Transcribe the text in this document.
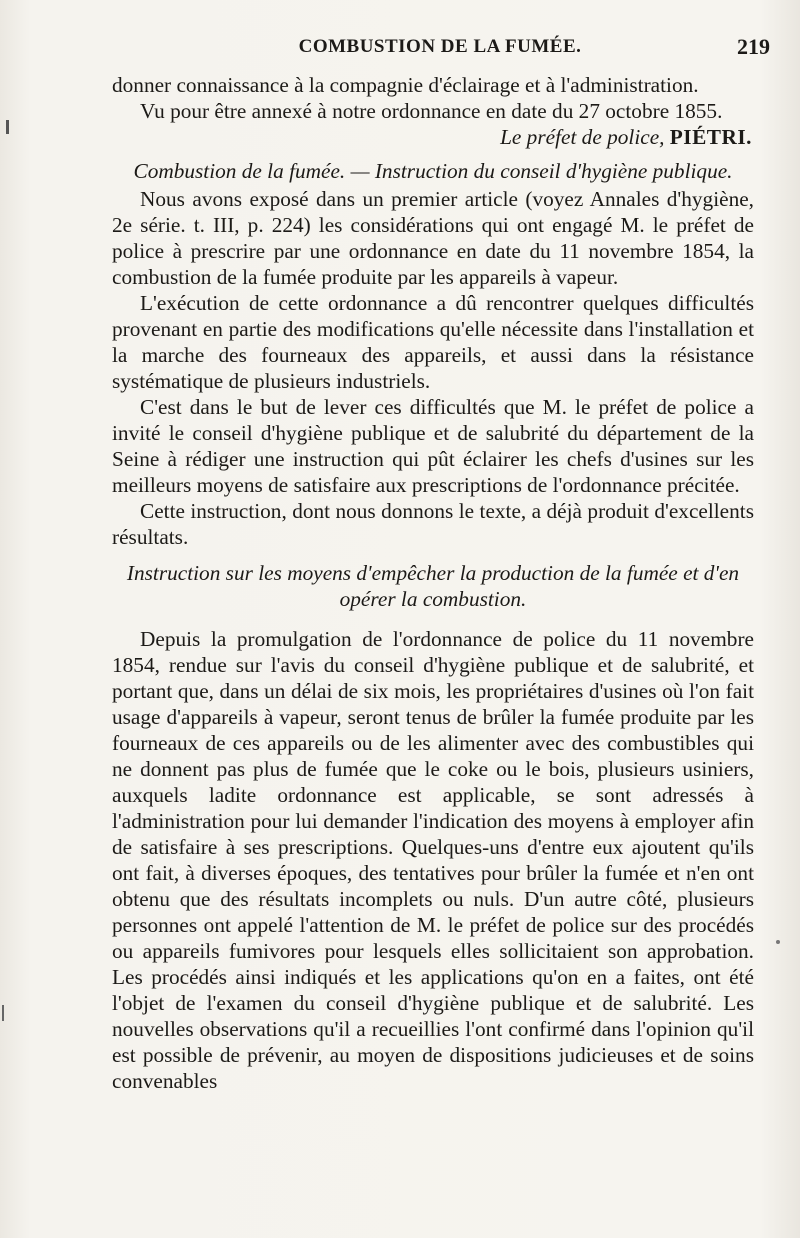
COMBUSTION DE LA FUMÉE.	219

donner connaissance à la compagnie d'éclairage et à l'administration.

Vu pour être annexé à notre ordonnance en date du 27 octobre 1855.

Le préfet de police, PIÉTRI.

Combustion de la fumée. — Instruction du conseil d'hygiène publique.

Nous avons exposé dans un premier article (voyez Annales d'hygiène, 2e série. t. III, p. 224) les considérations qui ont engagé M. le préfet de police à prescrire par une ordonnance en date du 11 novembre 1854, la combustion de la fumée produite par les appareils à vapeur.

L'exécution de cette ordonnance a dû rencontrer quelques difficultés provenant en partie des modifications qu'elle nécessite dans l'installation et la marche des fourneaux des appareils, et aussi dans la résistance systématique de plusieurs industriels.

C'est dans le but de lever ces difficultés que M. le préfet de police a invité le conseil d'hygiène publique et de salubrité du département de la Seine à rédiger une instruction qui pût éclairer les chefs d'usines sur les meilleurs moyens de satisfaire aux prescriptions de l'ordonnance précitée.

Cette instruction, dont nous donnons le texte, a déjà produit d'excellents résultats.

Instruction sur les moyens d'empêcher la production de la fumée et d'en opérer la combustion.

Depuis la promulgation de l'ordonnance de police du 11 novembre 1854, rendue sur l'avis du conseil d'hygiène publique et de salubrité, et portant que, dans un délai de six mois, les propriétaires d'usines où l'on fait usage d'appareils à vapeur, seront tenus de brûler la fumée produite par les fourneaux de ces appareils ou de les alimenter avec des combustibles qui ne donnent pas plus de fumée que le coke ou le bois, plusieurs usiniers, auxquels ladite ordonnance est applicable, se sont adressés à l'administration pour lui demander l'indication des moyens à employer afin de satisfaire à ses prescriptions. Quelques-uns d'entre eux ajoutent qu'ils ont fait, à diverses époques, des tentatives pour brûler la fumée et n'en ont obtenu que des résultats incomplets ou nuls. D'un autre côté, plusieurs personnes ont appelé l'attention de M. le préfet de police sur des procédés ou appareils fumivores pour lesquels elles sollicitaient son approbation. Les procédés ainsi indiqués et les applications qu'on en a faites, ont été l'objet de l'examen du conseil d'hygiène publique et de salubrité. Les nouvelles observations qu'il a recueillies l'ont confirmé dans l'opinion qu'il est possible de prévenir, au moyen de dispositions judicieuses et de soins convenables
